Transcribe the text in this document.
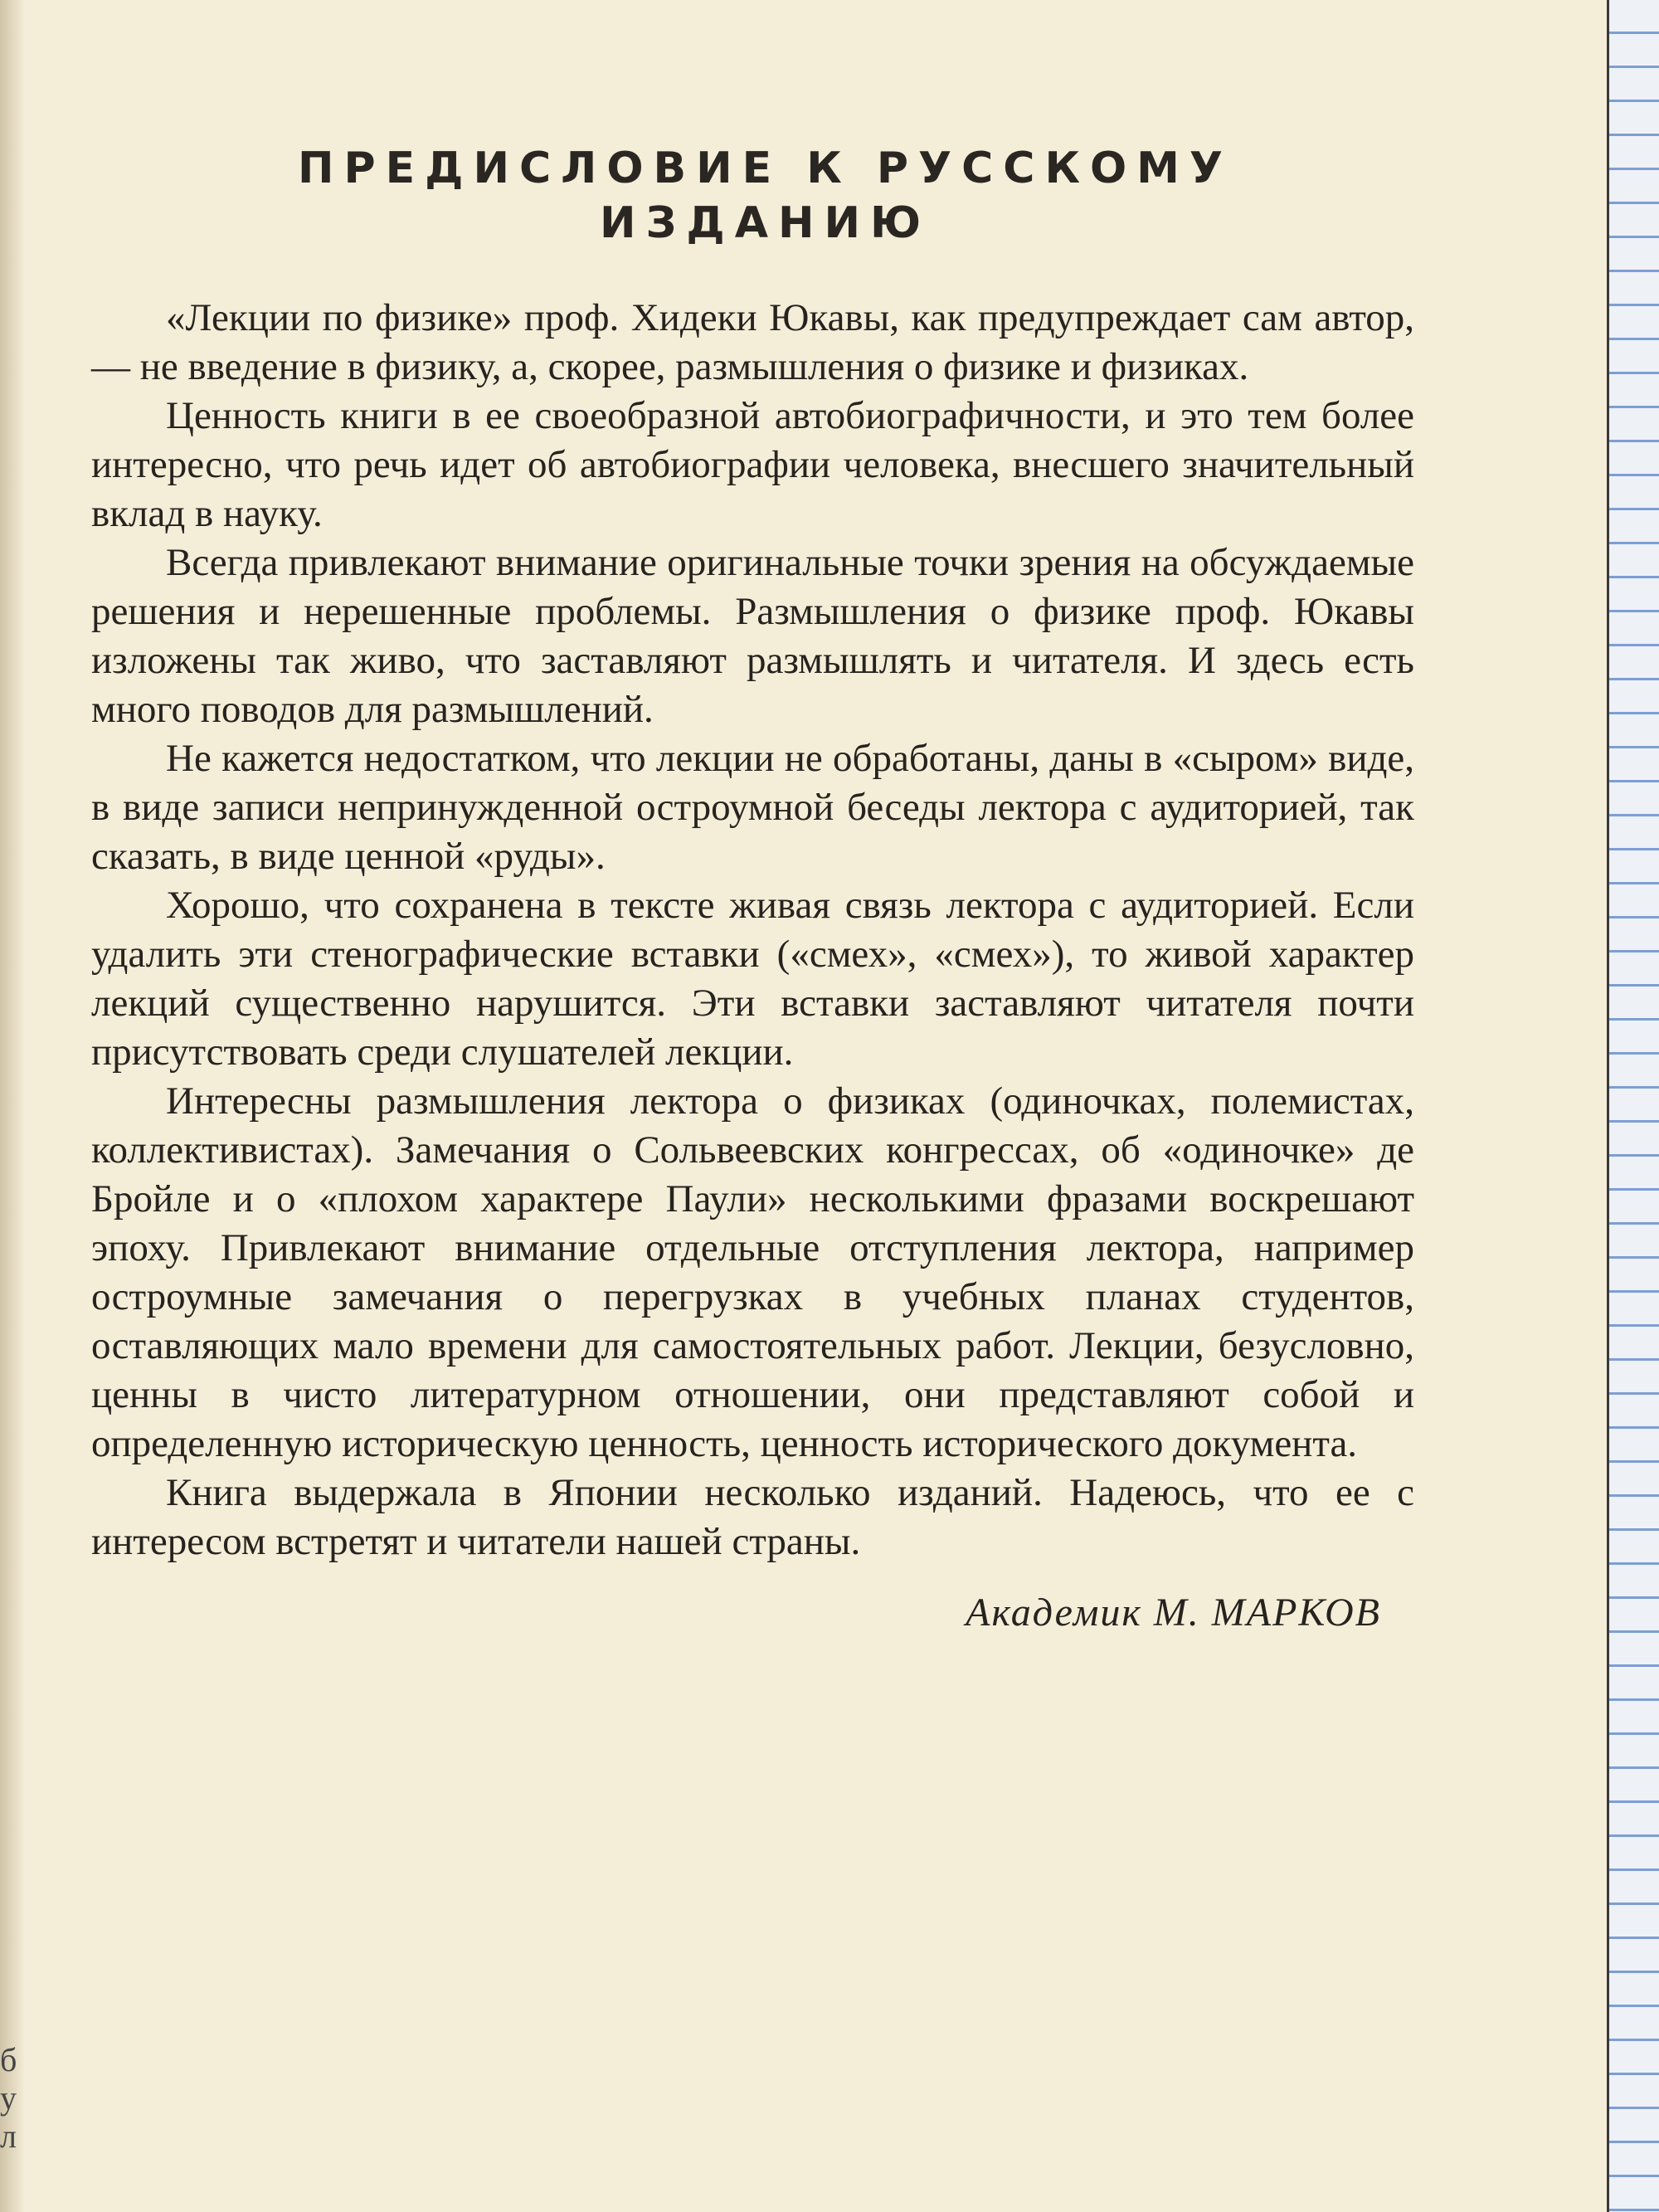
б
у
л
ПРЕДИСЛОВИЕ К РУССКОМУ
ИЗДАНИЮ

«Лекции по физике» проф. Хидеки Юкавы, как предупреждает сам автор, — не введение в физику, а, скорее, размышления о физике и физиках.

Ценность книги в ее своеобразной автобиографичности, и это тем более интересно, что речь идет об автобиографии человека, внесшего значительный вклад в науку.

Всегда привлекают внимание оригинальные точки зрения на обсуждаемые решения и нерешенные проблемы. Размышления о физике проф. Юкавы изложены так живо, что заставляют размышлять и читателя. И здесь есть много поводов для размышлений.

Не кажется недостатком, что лекции не обработаны, даны в «сыром» виде, в виде записи непринужденной остроумной беседы лектора с аудиторией, так сказать, в виде ценной «руды».

Хорошо, что сохранена в тексте живая связь лектора с аудиторией. Если удалить эти стенографические вставки («смех», «смех»), то живой характер лекций существенно нарушится. Эти вставки заставляют читателя почти присутствовать среди слушателей лекции.

Интересны размышления лектора о физиках (одиночках, полемистах, коллективистах). Замечания о Сольвеевских конгрессах, об «одиночке» де Бройле и о «плохом характере Паули» несколькими фразами воскрешают эпоху. Привлекают внимание отдельные отступления лектора, например остроумные замечания о перегрузках в учебных планах студентов, оставляющих мало времени для самостоятельных работ. Лекции, безусловно, ценны в чисто литературном отношении, они представляют собой и определенную историческую ценность, ценность исторического документа.

Книга выдержала в Японии несколько изданий. Надеюсь, что ее с интересом встретят и читатели нашей страны.

Академик М. МАРКОВ
